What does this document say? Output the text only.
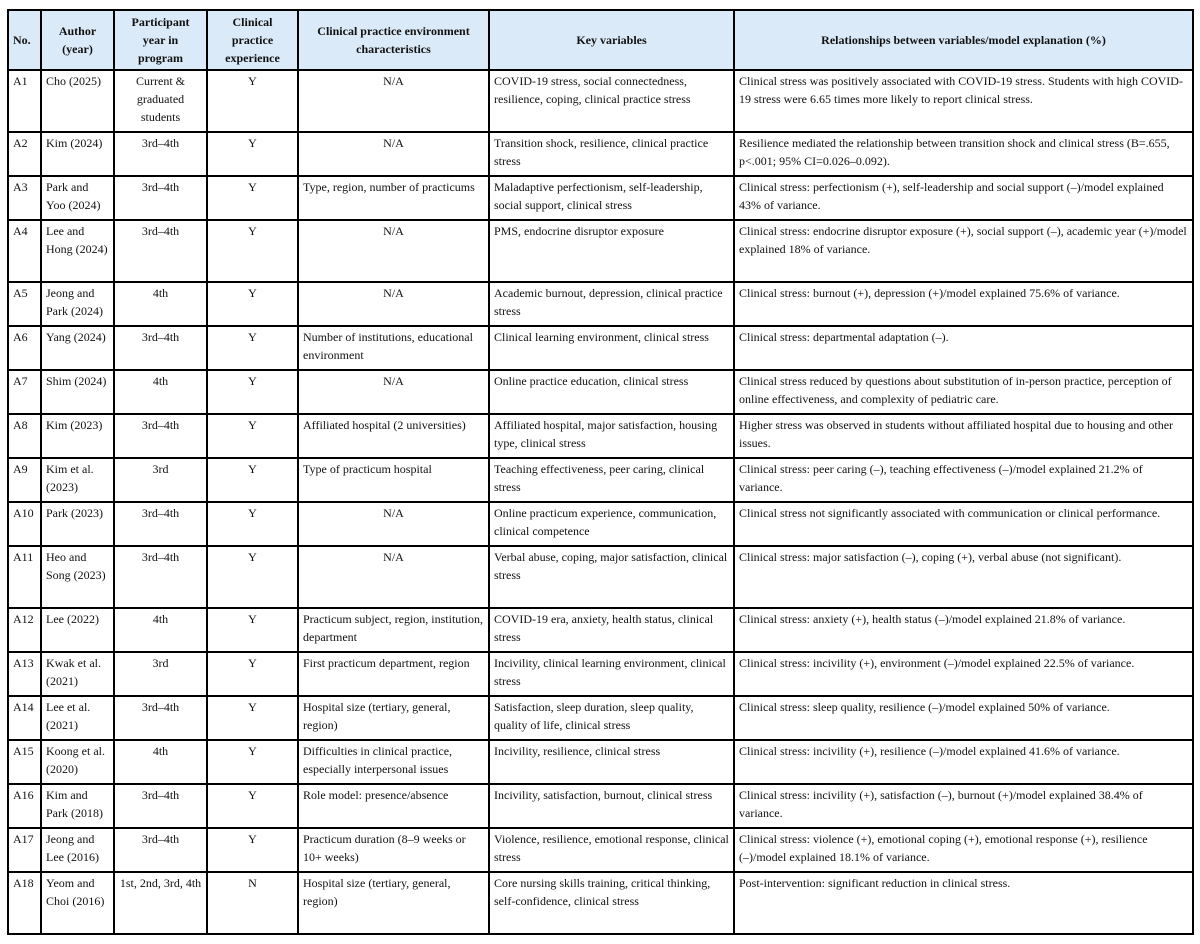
No.	Author (year)	Participant year in program	Clinical practice experience	Clinical practice environment characteristics	Key variables	Relationships between variables/model explanation (%)
A1	Cho (2025)	Current & graduated students	Y	N/A	COVID-19 stress, social connectedness, resilience, coping, clinical practice stress	Clinical stress was positively associated with COVID-19 stress. Students with high COVID-19 stress were 6.65 times more likely to report clinical stress.
A2	Kim (2024)	3rd–4th	Y	N/A	Transition shock, resilience, clinical practice stress	Resilience mediated the relationship between transition shock and clinical stress (B=.655, p<.001; 95% CI=0.026–0.092).
A3	Park and Yoo (2024)	3rd–4th	Y	Type, region, number of practicums	Maladaptive perfectionism, self-leadership, social support, clinical stress	Clinical stress: perfectionism (+), self-leadership and social support (–)/model explained 43% of variance.
A4	Lee and Hong (2024)	3rd–4th	Y	N/A	PMS, endocrine disruptor exposure	Clinical stress: endocrine disruptor exposure (+), social support (–), academic year (+)/model explained 18% of variance.
A5	Jeong and Park (2024)	4th	Y	N/A	Academic burnout, depression, clinical practice stress	Clinical stress: burnout (+), depression (+)/model explained 75.6% of variance.
A6	Yang (2024)	3rd–4th	Y	Number of institutions, educational environment	Clinical learning environment, clinical stress	Clinical stress: departmental adaptation (–).
A7	Shim (2024)	4th	Y	N/A	Online practice education, clinical stress	Clinical stress reduced by questions about substitution of in-person practice, perception of online effectiveness, and complexity of pediatric care.
A8	Kim (2023)	3rd–4th	Y	Affiliated hospital (2 universities)	Affiliated hospital, major satisfaction, housing type, clinical stress	Higher stress was observed in students without affiliated hospital due to housing and other issues.
A9	Kim et al. (2023)	3rd	Y	Type of practicum hospital	Teaching effectiveness, peer caring, clinical stress	Clinical stress: peer caring (–), teaching effectiveness (–)/model explained 21.2% of variance.
A10	Park (2023)	3rd–4th	Y	N/A	Online practicum experience, communication, clinical competence	Clinical stress not significantly associated with communication or clinical performance.
A11	Heo and Song (2023)	3rd–4th	Y	N/A	Verbal abuse, coping, major satisfaction, clinical stress	Clinical stress: major satisfaction (–), coping (+), verbal abuse (not significant).
A12	Lee (2022)	4th	Y	Practicum subject, region, institution, department	COVID-19 era, anxiety, health status, clinical stress	Clinical stress: anxiety (+), health status (–)/model explained 21.8% of variance.
A13	Kwak et al. (2021)	3rd	Y	First practicum department, region	Incivility, clinical learning environment, clinical stress	Clinical stress: incivility (+), environment (–)/model explained 22.5% of variance.
A14	Lee et al. (2021)	3rd–4th	Y	Hospital size (tertiary, general, region)	Satisfaction, sleep duration, sleep quality, quality of life, clinical stress	Clinical stress: sleep quality, resilience (–)/model explained 50% of variance.
A15	Koong et al. (2020)	4th	Y	Difficulties in clinical practice, especially interpersonal issues	Incivility, resilience, clinical stress	Clinical stress: incivility (+), resilience (–)/model explained 41.6% of variance.
A16	Kim and Park (2018)	3rd–4th	Y	Role model: presence/absence	Incivility, satisfaction, burnout, clinical stress	Clinical stress: incivility (+), satisfaction (–), burnout (+)/model explained 38.4% of variance.
A17	Jeong and Lee (2016)	3rd–4th	Y	Practicum duration (8–9 weeks or 10+ weeks)	Violence, resilience, emotional response, clinical stress	Clinical stress: violence (+), emotional coping (+), emotional response (+), resilience (–)/model explained 18.1% of variance.
A18	Yeom and Choi (2016)	1st, 2nd, 3rd, 4th	N	Hospital size (tertiary, general, region)	Core nursing skills training, critical thinking, self-confidence, clinical stress	Post-intervention: significant reduction in clinical stress.
